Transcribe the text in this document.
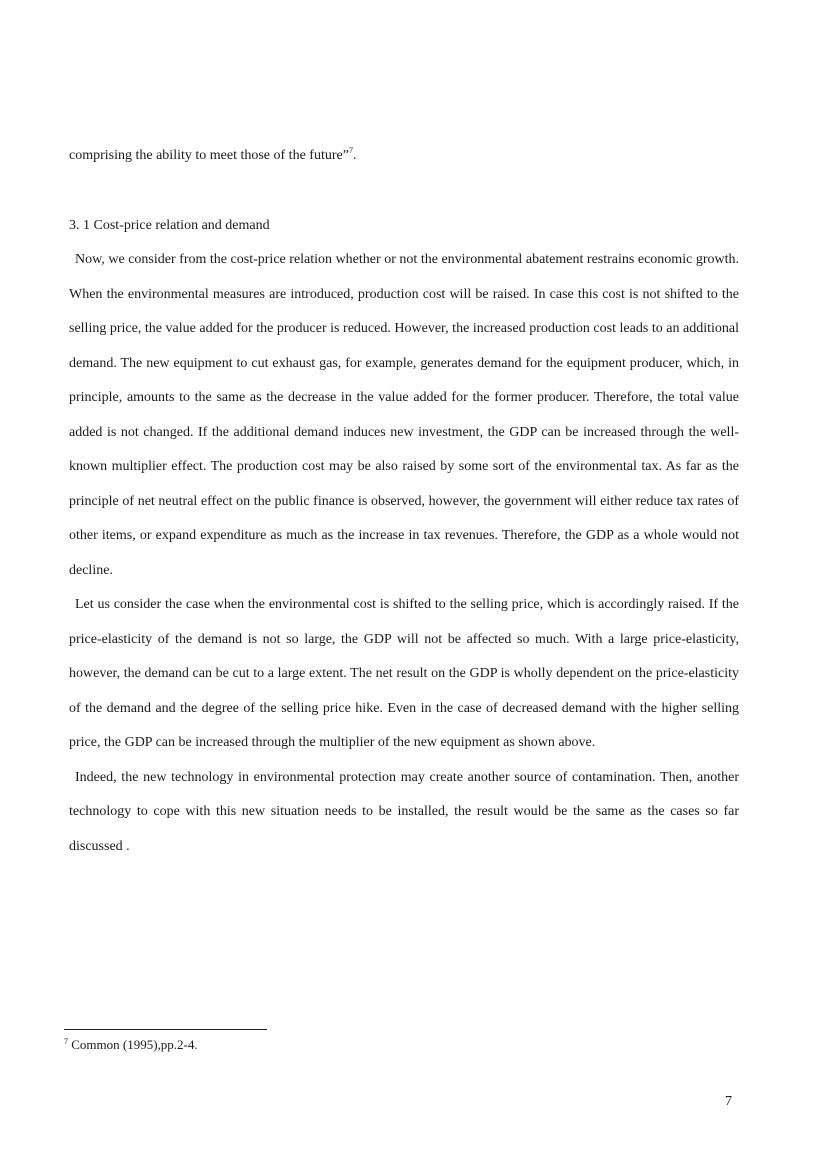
comprising the ability to meet those of the future”$^7$.

3. 1 Cost-price relation and demand

Now, we consider from the cost-price relation whether or not the environmental abatement restrains economic growth. When the environmental measures are introduced, production cost will be raised. In case this cost is not shifted to the selling price, the value added for the producer is reduced. However, the increased production cost leads to an additional demand. The new equipment to cut exhaust gas, for example, generates demand for the equipment producer, which, in principle, amounts to the same as the decrease in the value added for the former producer. Therefore, the total value added is not changed. If the additional demand induces new investment, the GDP can be increased through the well-known multiplier effect. The production cost may be also raised by some sort of the environmental tax. As far as the principle of net neutral effect on the public finance is observed, however, the government will either reduce tax rates of other items, or expand expenditure as much as the increase in tax revenues. Therefore, the GDP as a whole would not decline.

Let us consider the case when the environmental cost is shifted to the selling price, which is accordingly raised. If the price-elasticity of the demand is not so large, the GDP will not be affected so much. With a large price-elasticity, however, the demand can be cut to a large extent. The net result on the GDP is wholly dependent on the price-elasticity of the demand and the degree of the selling price hike. Even in the case of decreased demand with the higher selling price, the GDP can be increased through the multiplier of the new equipment as shown above.

Indeed, the new technology in environmental protection may create another source of contamination. Then, another technology to cope with this new situation needs to be installed, the result would be the same as the cases so far discussed .

$^7$ Common (1995),pp.2-4.
7
